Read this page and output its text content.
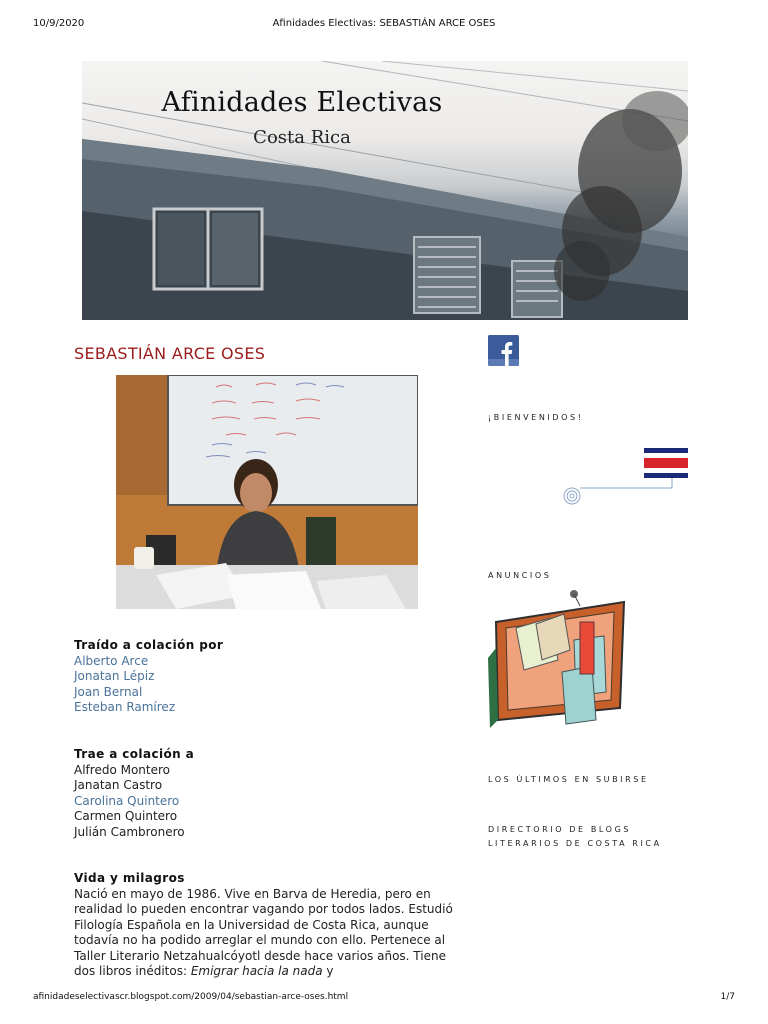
10/9/2020	Afinidades Electivas: SEBASTIÁN ARCE OSES
Afinidades Electivas
Costa Rica
SEBASTIÁN ARCE OSES
Traído a colación por
Alberto Arce
Jonatan Lépiz
Joan Bernal
Esteban Ramírez
Trae a colación a
Alfredo Montero
Janatan Castro
Carolina Quintero
Carmen Quintero
Julián Cambronero
Vida y milagros
Nació en mayo de 1986. Vive en Barva de Heredia, pero en realidad lo pueden encontrar vagando por todos lados. Estudió Filología Española en la Universidad de Costa Rica, aunque todavía no ha podido arreglar el mundo con ello. Pertenece al Taller Literario Netzahualcóyotl desde hace varios años. Tiene dos libros inéditos: Emigrar hacia la nada y
¡BIENVENIDOS!
ANUNCIOS
LOS ÚLTIMOS EN SUBIRSE
DIRECTORIO DE BLOGS LITERARIOS DE COSTA RICA
afinidadeselectivascr.blogspot.com/2009/04/sebastian-arce-oses.html	1/7
